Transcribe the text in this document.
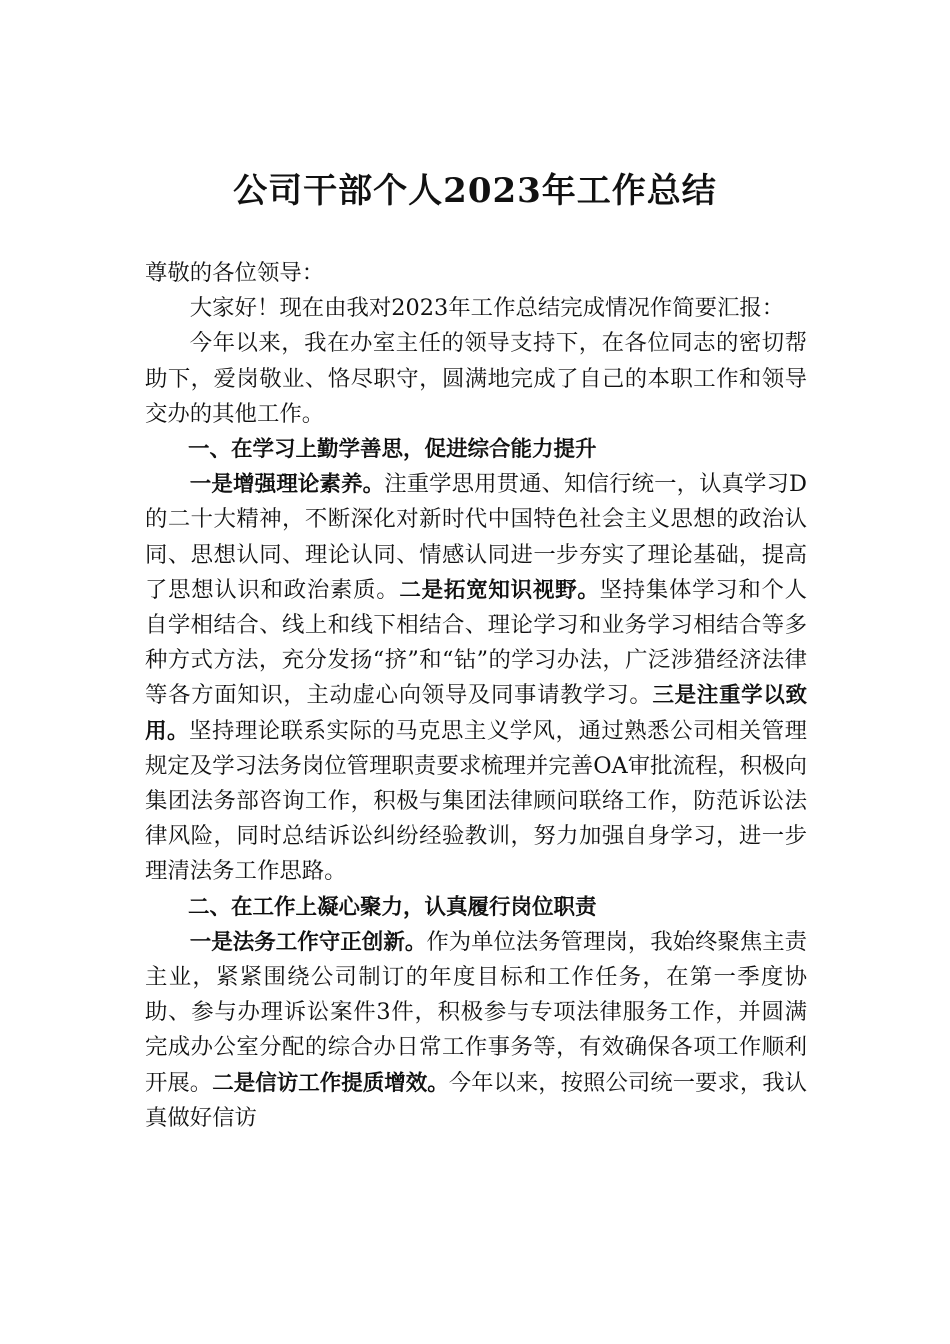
公司干部个人2023年工作总结

尊敬的各位领导：

大家好！现在由我对2023年工作总结完成情况作简要汇报：

今年以来，我在办室主任的领导支持下，在各位同志的密切帮助下，爱岗敬业、恪尽职守，圆满地完成了自己的本职工作和领导交办的其他工作。

一、在学习上勤学善思，促进综合能力提升

一是增强理论素养。注重学思用贯通、知信行统一，认真学习D的二十大精神，不断深化对新时代中国特色社会主义思想的政治认同、思想认同、理论认同、情感认同进一步夯实了理论基础，提高了思想认识和政治素质。二是拓宽知识视野。坚持集体学习和个人自学相结合、线上和线下相结合、理论学习和业务学习相结合等多种方式方法，充分发扬“挤”和“钻”的学习办法，广泛涉猎经济法律等各方面知识，主动虚心向领导及同事请教学习。三是注重学以致用。坚持理论联系实际的马克思主义学风，通过熟悉公司相关管理规定及学习法务岗位管理职责要求梳理并完善OA审批流程，积极向集团法务部咨询工作，积极与集团法律顾问联络工作，防范诉讼法律风险，同时总结诉讼纠纷经验教训，努力加强自身学习，进一步理清法务工作思路。

二、在工作上凝心聚力，认真履行岗位职责

一是法务工作守正创新。作为单位法务管理岗，我始终聚焦主责主业，紧紧围绕公司制订的年度目标和工作任务，在第一季度协助、参与办理诉讼案件3件，积极参与专项法律服务工作，并圆满完成办公室分配的综合办日常工作事务等，有效确保各项工作顺利开展。二是信访工作提质增效。今年以来，按照公司统一要求，我认真做好信访
